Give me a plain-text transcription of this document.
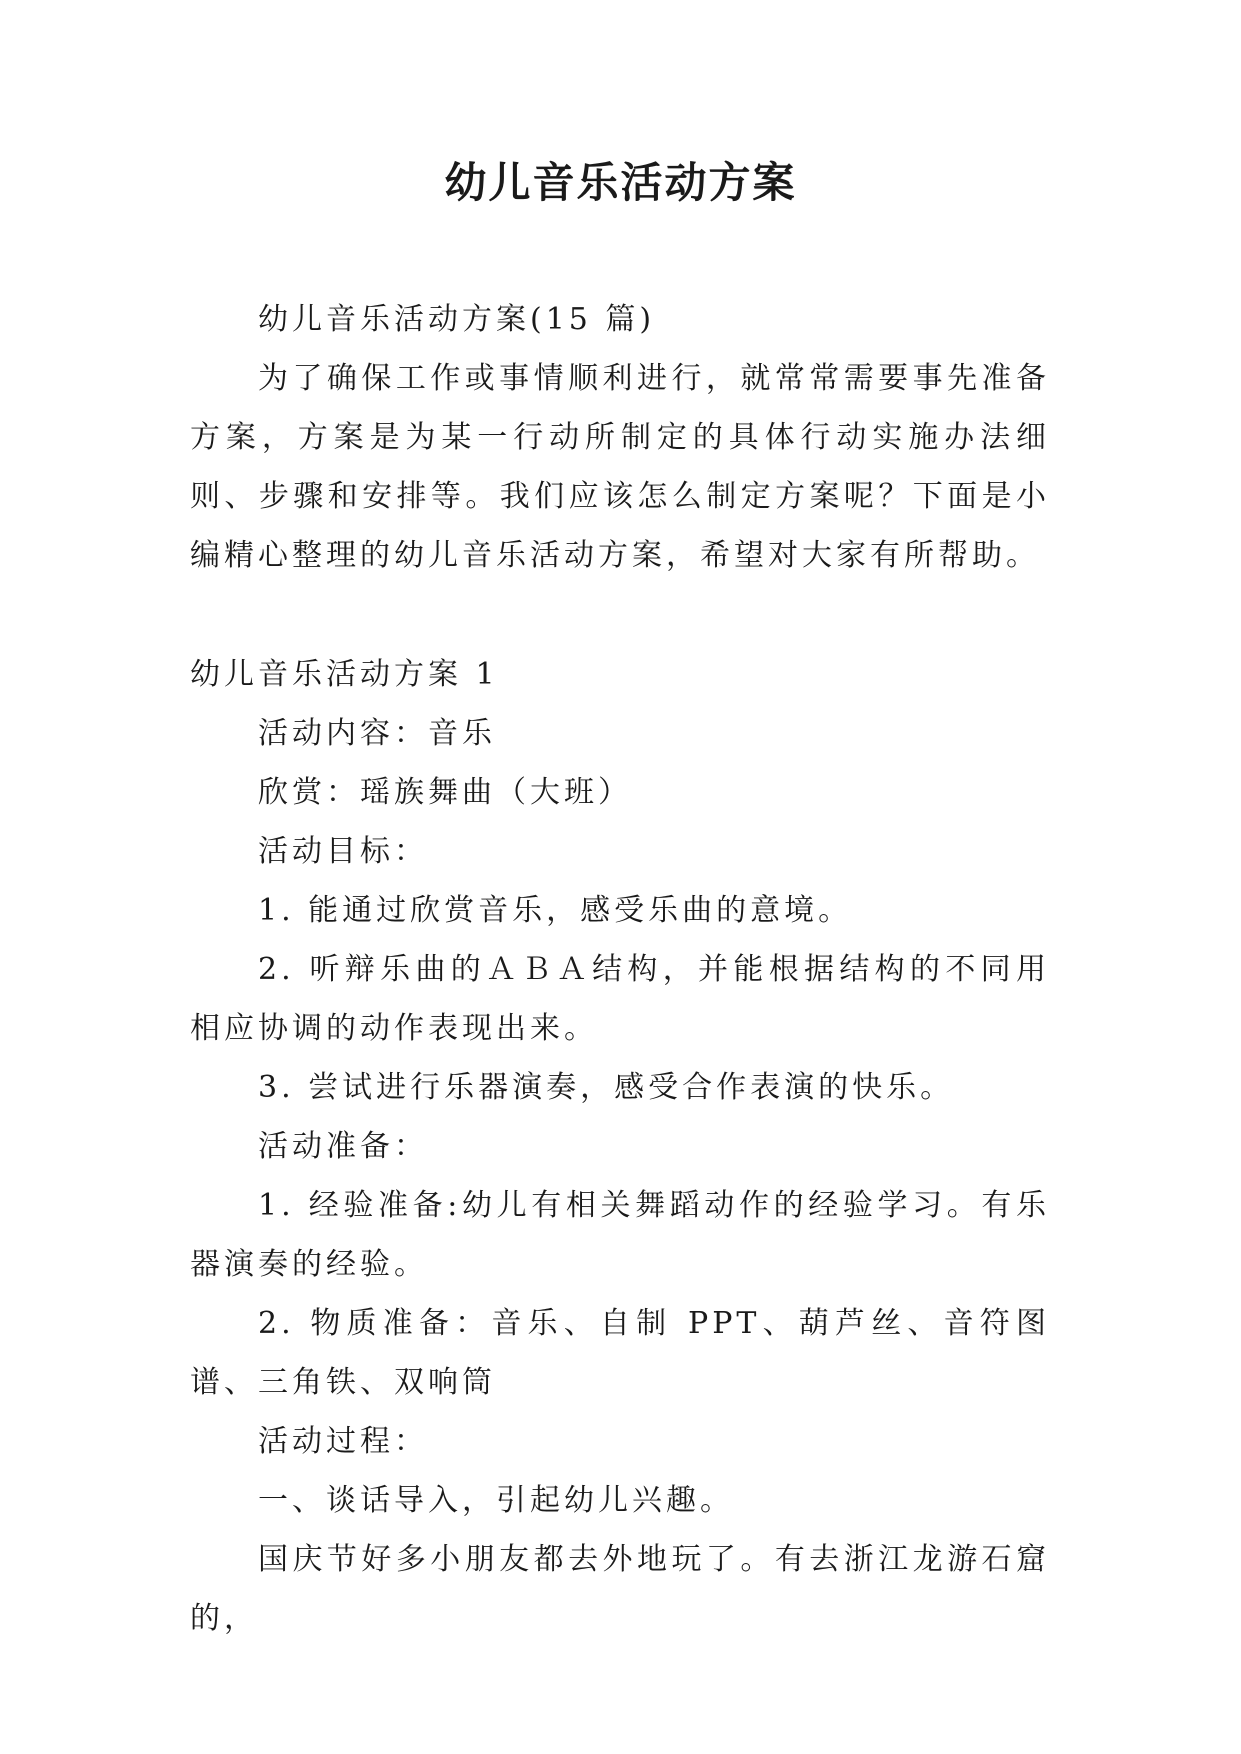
幼儿音乐活动方案

幼儿音乐活动方案(15 篇)

为了确保工作或事情顺利进行，就常常需要事先准备方案，方案是为某一行动所制定的具体行动实施办法细则、步骤和安排等。我们应该怎么制定方案呢？下面是小编精心整理的幼儿音乐活动方案，希望对大家有所帮助。

幼儿音乐活动方案 1

活动内容：音乐

欣赏：瑶族舞曲（大班）

活动目标：

1. 能通过欣赏音乐，感受乐曲的意境。

2. 听辩乐曲的ＡＢＡ结构，并能根据结构的不同用相应协调的动作表现出来。

3. 尝试进行乐器演奏，感受合作表演的快乐。

活动准备：

1. 经验准备:幼儿有相关舞蹈动作的经验学习。有乐器演奏的经验。

2. 物质准备：音乐、自制 PPT、葫芦丝、音符图谱、三角铁、双响筒

活动过程：

一、谈话导入，引起幼儿兴趣。

国庆节好多小朋友都去外地玩了。有去浙江龙游石窟的，
